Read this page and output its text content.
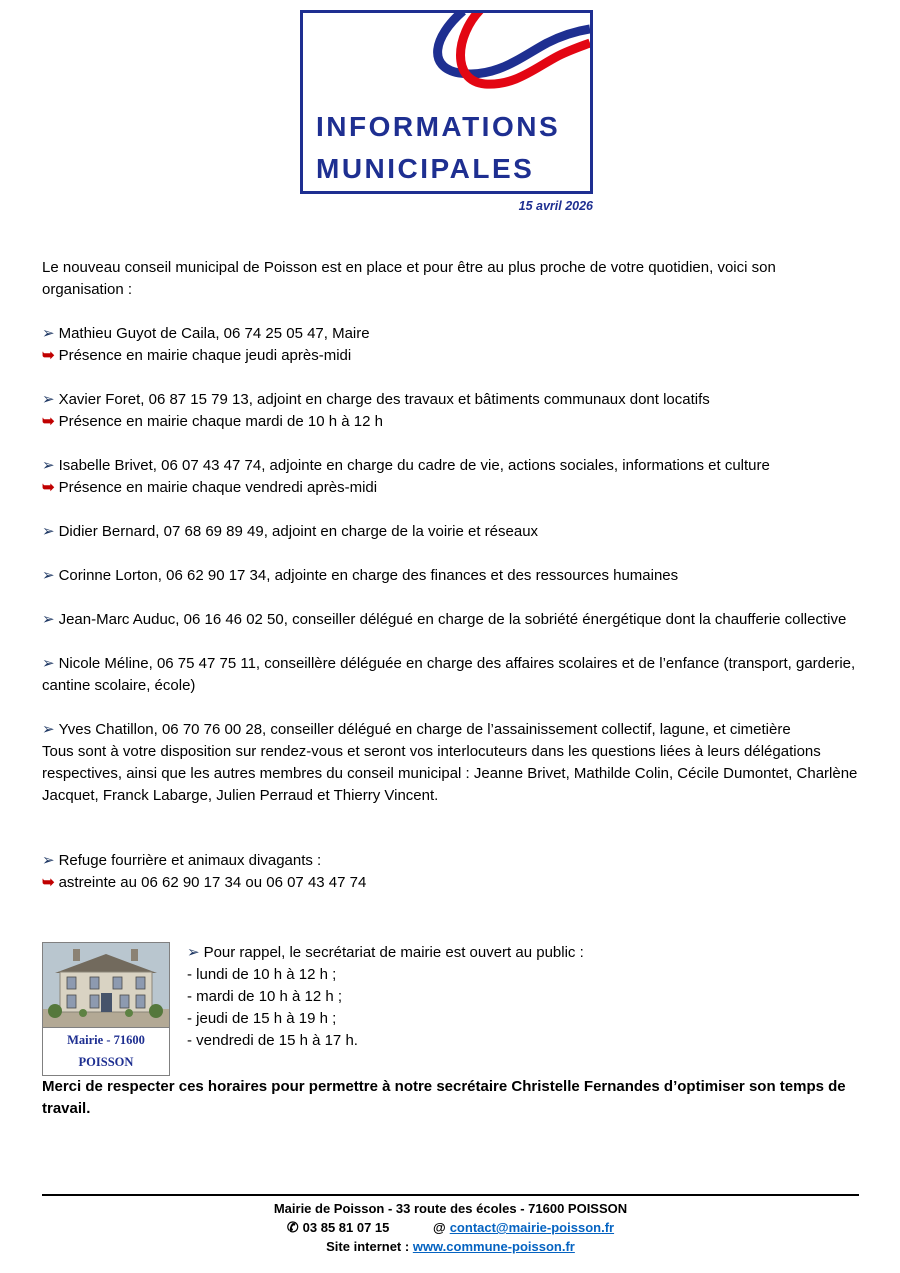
INFORMATIONS
MUNICIPALES
15 avril 2026

Le nouveau conseil municipal de Poisson est en place et pour être au plus proche de votre quotidien, voici son organisation :

➢ Mathieu Guyot de Caila, 06 74 25 05 47, Maire

➥ Présence en mairie chaque jeudi après-midi

➢ Xavier Foret, 06 87 15 79 13, adjoint en charge des travaux et bâtiments communaux dont locatifs

➥ Présence en mairie chaque mardi de 10 h à 12 h

➢ Isabelle Brivet, 06 07 43 47 74, adjointe en charge du cadre de vie, actions sociales, informations et culture

➥ Présence en mairie chaque vendredi après-midi

➢ Didier Bernard, 07 68 69 89 49, adjoint en charge de la voirie et réseaux

➢ Corinne Lorton, 06 62 90 17 34, adjointe en charge des finances et des ressources humaines

➢ Jean-Marc Auduc, 06 16 46 02 50, conseiller délégué en charge de la sobriété énergétique dont la chaufferie collective

➢ Nicole Méline, 06 75 47 75 11, conseillère déléguée en charge des affaires scolaires et de l’enfance (transport, garderie, cantine scolaire, école)

➢ Yves Chatillon, 06 70 76 00 28, conseiller délégué en charge de l’assainissement collectif, lagune, et cimetière

Tous sont à votre disposition sur rendez-vous et seront vos interlocuteurs dans les questions liées à leurs délégations respectives, ainsi que les autres membres du conseil municipal : Jeanne Brivet, Mathilde Colin, Cécile Dumontet, Charlène Jacquet, Franck Labarge, Julien Perraud et Thierry Vincent.

➢ Refuge fourrière et animaux divagants :

➥ astreinte au 06 62 90 17 34 ou 06 07 43 47 74

Mairie - 71600 POISSON

➢ Pour rappel, le secrétariat de mairie est ouvert au public :

- lundi de 10 h à 12 h ;

- mardi de 10 h à 12 h ;

- jeudi de 15 h à 19 h ;

- vendredi de 15 h à 17 h.

Merci de respecter ces horaires pour permettre à notre secrétaire Christelle Fernandes d’optimiser son temps de travail.

Mairie de Poisson - 33 route des écoles - 71600 POISSON
✆ 03 85 81 07 15	@ contact@mairie-poisson.fr
Site internet : www.commune-poisson.fr
